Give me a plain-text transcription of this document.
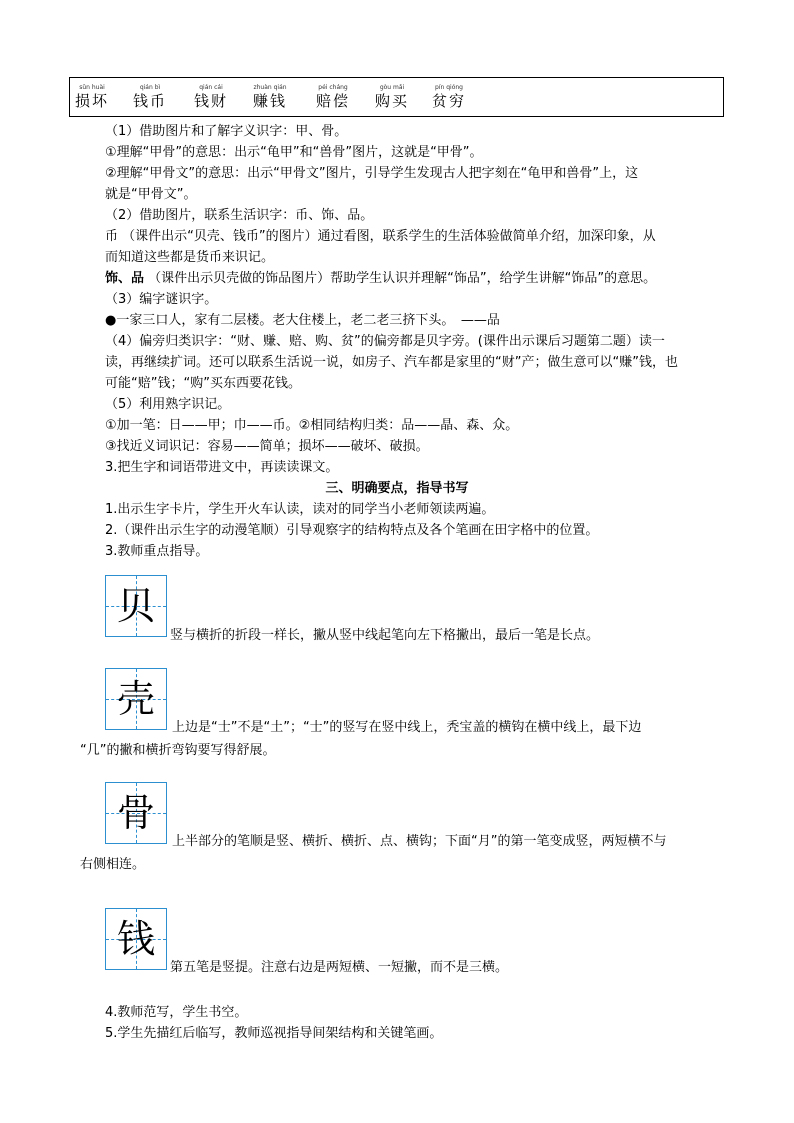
sǔn huài
损坏
qián bì
钱币
qián cái
钱财
zhuàn qián
赚钱
péi cháng
赔偿
gòu mǎi
购买
pín qióng
贫穷
（1）借助图片和了解字义识字：甲、骨。
①理解“甲骨”的意思：出示“龟甲”和“兽骨”图片，这就是“甲骨”。
②理解“甲骨文”的意思：出示“甲骨文”图片，引导学生发现古人把字刻在“龟甲和兽骨”上，这
就是“甲骨文”。
（2）借助图片，联系生活识字：币、饰、品。
币 （课件出示“贝壳、钱币”的图片）通过看图，联系学生的生活体验做简单介绍，加深印象，从
而知道这些都是货币来识记。
饰、品 （课件出示贝壳做的饰品图片）帮助学生认识并理解“饰品”，给学生讲解“饰品”的意思。
（3）编字谜识字。
●一家三口人，家有二层楼。老大住楼上，老二老三挤下头。　——品
（4）偏旁归类识字：“财、赚、赔、购、贫”的偏旁都是贝字旁。(课件出示课后习题第二题）读一
读，再继续扩词。还可以联系生活说一说，如房子、汽车都是家里的“财”产；做生意可以“赚”钱，也
可能“赔”钱；“购”买东西要花钱。
（5）利用熟字识记。
①加一笔：日——甲；巾——币。②相同结构归类：品——晶、森、众。
③找近义词识记：容易——简单；损坏——破坏、破损。
3.把生字和词语带进文中，再读读课文。
三、明确要点，指导书写
1.出示生字卡片，学生开火车认读，读对的同学当小老师领读两遍。
2.（课件出示生字的动漫笔顺）引导观察字的结构特点及各个笔画在田字格中的位置。
3.教师重点指导。
贝
竖与横折的折段一样长，撇从竖中线起笔向左下格撇出，最后一笔是长点。
壳
上边是“士”不是“土”；“士”的竖写在竖中线上，秃宝盖的横钩在横中线上，最下边
“几”的撇和横折弯钩要写得舒展。
骨
上半部分的笔顺是竖、横折、横折、点、横钩；下面“月”的第一笔变成竖，两短横不与
右侧相连。
钱
第五笔是竖提。注意右边是两短横、一短撇，而不是三横。
4.教师范写，学生书空。
5.学生先描红后临写，教师巡视指导间架结构和关键笔画。
